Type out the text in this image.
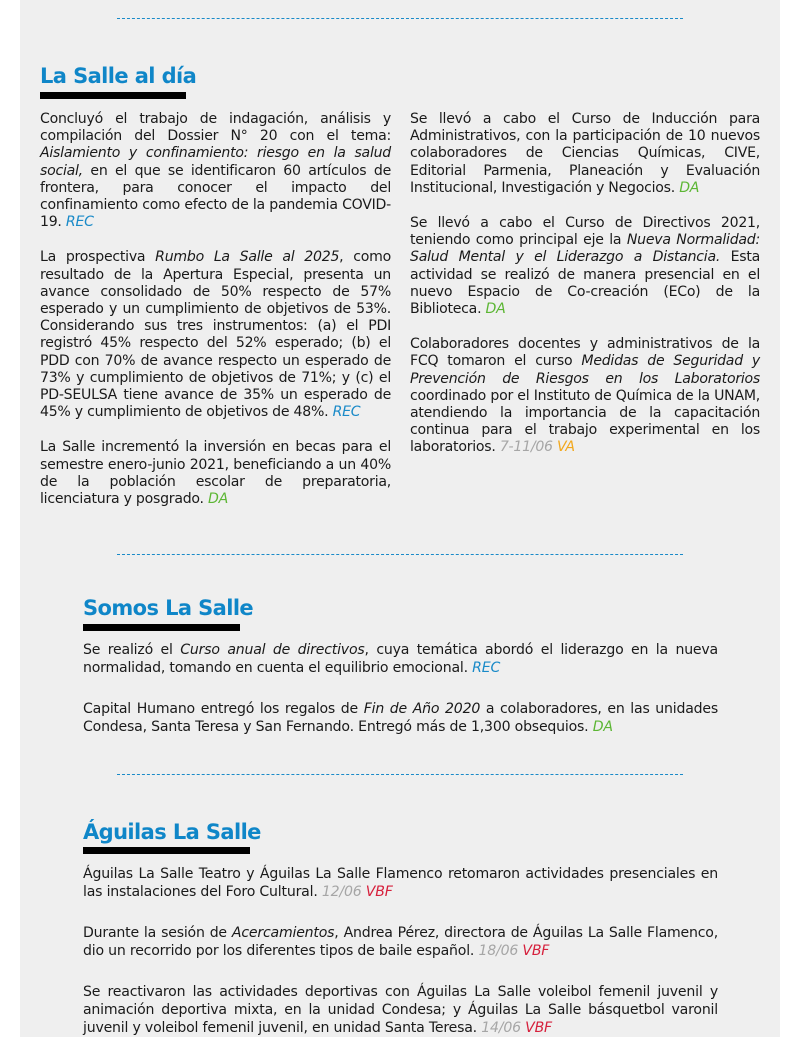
La Salle al día

Concluyó el trabajo de indagación, análisis y compilación del Dossier N° 20 con el tema: Aislamiento y confinamiento: riesgo en la salud social, en el que se identificaron 60 artículos de frontera, para conocer el impacto del confinamiento como efecto de la pandemia COVID-19. REC

La prospectiva Rumbo La Salle al 2025, como resultado de la Apertura Especial, presenta un avance consolidado de 50% respecto de 57% esperado y un cumplimiento de objetivos de 53%. Considerando sus tres instrumentos: (a) el PDI registró 45% respecto del 52% esperado; (b) el PDD con 70% de avance respecto un esperado de 73% y cumplimiento de objetivos de 71%; y (c) el PD-SEULSA tiene avance de 35% un esperado de 45% y cumplimiento de objetivos de 48%. REC

La Salle incrementó la inversión en becas para el semestre enero-junio 2021, beneficiando a un 40% de la población escolar de preparatoria, licenciatura y posgrado. DA

Se llevó a cabo el Curso de Inducción para Administrativos, con la participación de 10 nuevos colaboradores de Ciencias Químicas, CIVE, Editorial Parmenia, Planeación y Evaluación Institucional, Investigación y Negocios. DA

Se llevó a cabo el Curso de Directivos 2021, teniendo como principal eje la Nueva Normalidad: Salud Mental y el Liderazgo a Distancia. Esta actividad se realizó de manera presencial en el nuevo Espacio de Co-creación (ECo) de la Biblioteca. DA

Colaboradores docentes y administrativos de la FCQ tomaron el curso Medidas de Seguridad y Prevención de Riesgos en los Laboratorios coordinado por el Instituto de Química de la UNAM, atendiendo la importancia de la capacitación continua para el trabajo experimental en los laboratorios. 7-11/06 VA

Somos La Salle

Se realizó el Curso anual de directivos, cuya temática abordó el liderazgo en la nueva normalidad, tomando en cuenta el equilibrio emocional. REC

Capital Humano entregó los regalos de Fin de Año 2020 a colaboradores, en las unidades Condesa, Santa Teresa y San Fernando. Entregó más de 1,300 obsequios. DA

Águilas La Salle

Águilas La Salle Teatro y Águilas La Salle Flamenco retomaron actividades presenciales en las instalaciones del Foro Cultural. 12/06 VBF

Durante la sesión de Acercamientos, Andrea Pérez, directora de Águilas La Salle Flamenco, dio un recorrido por los diferentes tipos de baile español. 18/06 VBF

Se reactivaron las actividades deportivas con Águilas La Salle voleibol femenil juvenil y animación deportiva mixta, en la unidad Condesa; y Águilas La Salle básquetbol varonil juvenil y voleibol femenil juvenil, en unidad Santa Teresa. 14/06 VBF
